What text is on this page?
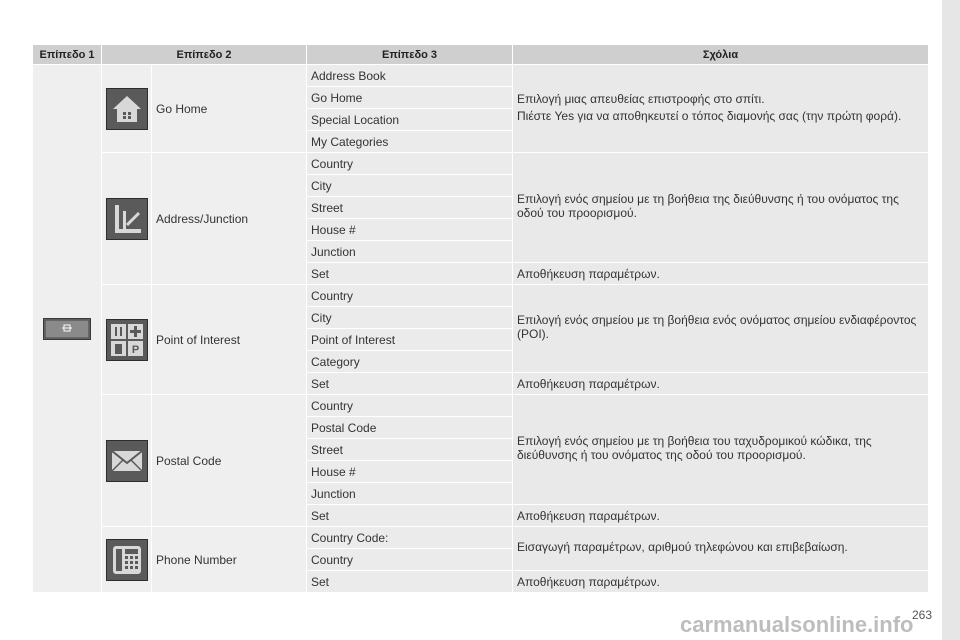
Επίπεδο 1	Επίπεδο 2		Επίπεδο 3	Σχόλια

	Go Home	Address Book	Επιλογή μιας απευθείας επιστροφής στο σπίτι.

Πιέστε Yes για να αποθηκευτεί ο τόπος διαμονής σας (την πρώτη φορά).

			Go Home	
			Special Location	
			My Categories	

	Address/Junction	Country	Επιλογή ενός σημείου με τη βοήθεια της διεύθυνσης ή του ονόματος της οδού του προορισμού.

			City	
			Street	
			House #	
			Junction	
			Set	Αποθήκευση παραμέτρων.

P	Point of Interest	Country	Επιλογή ενός σημείου με τη βοήθεια ενός ονόματος σημείου ενδιαφέροντος (POI).

			City	
			Point of Interest	
			Category	
			Set	Αποθήκευση παραμέτρων.

	Postal Code	Country	Επιλογή ενός σημείου με τη βοήθεια του ταχυδρομικού κώδικα, της διεύθυνσης ή του ονόματος της οδού του προορισμού.

			Postal Code	
			Street	
			House #	
			Junction	
			Set	Αποθήκευση παραμέτρων.

	Phone Number	Country Code:	Εισαγωγή παραμέτρων, αριθμού τηλεφώνου και επιβεβαίωση.

			Country	
			Set	Αποθήκευση παραμέτρων.
263
carmanualsonline.info
